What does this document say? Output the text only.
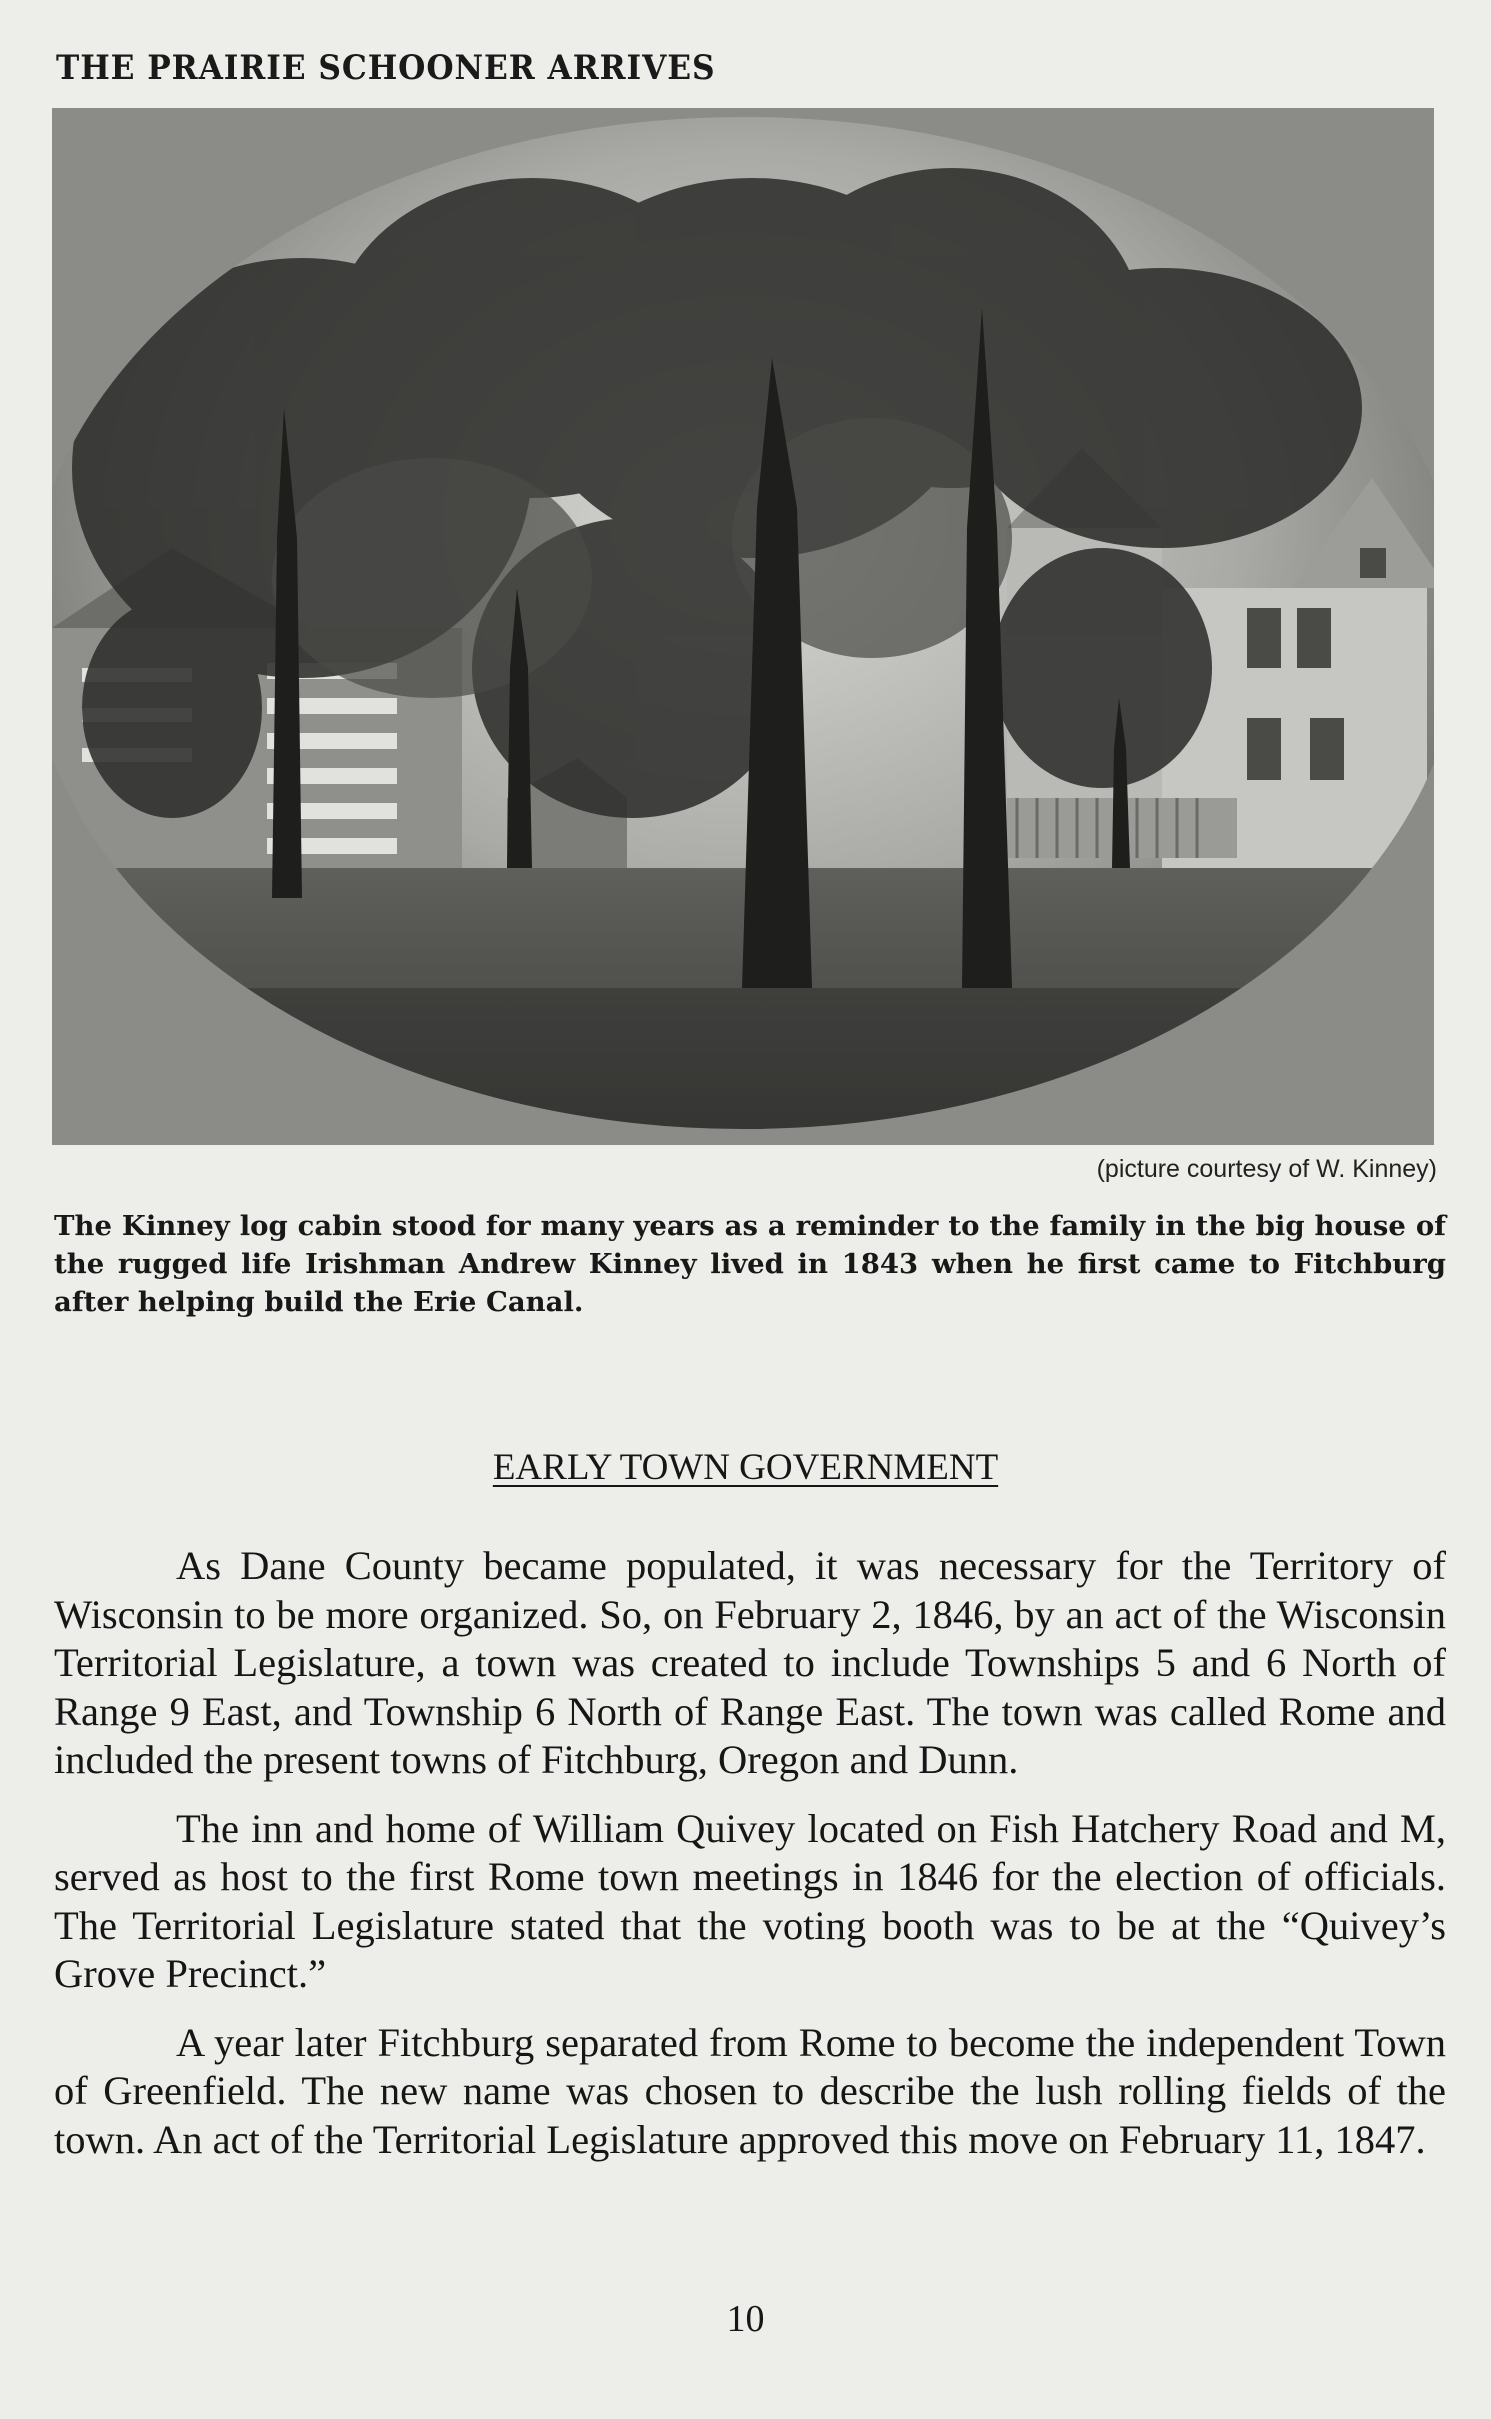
THE PRAIRIE SCHOONER ARRIVES
(picture courtesy of W. Kinney)
The Kinney log cabin stood for many years as a reminder to the family in the big house of the rugged life Irishman Andrew Kinney lived in 1843 when he first came to Fitchburg after helping build the Erie Canal.
EARLY TOWN GOVERNMENT

As Dane County became populated, it was necessary for the Territory of Wisconsin to be more organized. So, on February 2, 1846, by an act of the Wisconsin Territorial Legislature, a town was created to include Townships 5 and 6 North of Range 9 East, and Township 6 North of Range East. The town was called Rome and included the present towns of Fitchburg, Oregon and Dunn.

The inn and home of William Quivey located on Fish Hatchery Road and M, served as host to the first Rome town meetings in 1846 for the election of officials. The Territorial Legislature stated that the voting booth was to be at the “Quivey’s Grove Precinct.”

A year later Fitchburg separated from Rome to become the independent Town of Greenfield. The new name was chosen to describe the lush rolling fields of the town. An act of the Territorial Legislature approved this move on February 11, 1847.

10
